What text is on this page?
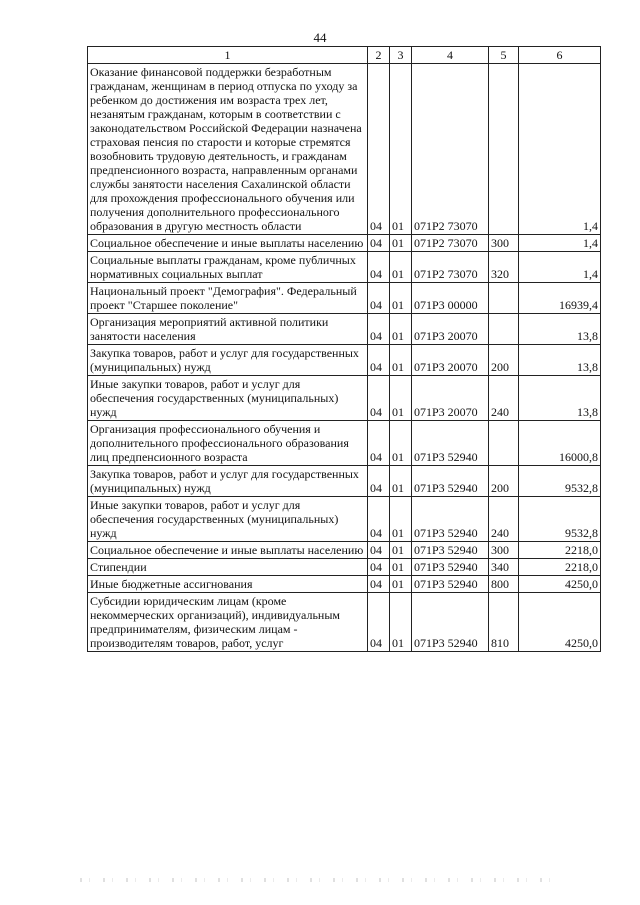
44
1	2	3	4	5	6
Оказание финансовой поддержки безработным гражданам, женщинам в период отпуска по уходу за ребенком до достижения им возраста трех лет, незанятым гражданам, которым в соответствии с законодательством Российской Федерации назначена страховая пенсия по старости и которые стремятся возобновить трудовую деятельность, и гражданам предпенсионного возраста, направленным органами службы занятости населения Сахалинской области для прохождения профессионального обучения или получения дополнительного профессионального образования в другую местность области	04	01	071P2 73070		1,4
Социальное обеспечение и иные выплаты населению	04	01	071P2 73070	300	1,4
Социальные выплаты гражданам, кроме публичных нормативных социальных выплат	04	01	071P2 73070	320	1,4
Национальный проект "Демография". Федеральный проект "Старшее поколение"	04	01	071P3 00000		16939,4
Организация мероприятий активной политики занятости населения	04	01	071P3 20070		13,8
Закупка товаров, работ и услуг для государственных (муниципальных) нужд	04	01	071P3 20070	200	13,8
Иные закупки товаров, работ и услуг для обеспечения государственных (муниципальных) нужд	04	01	071P3 20070	240	13,8
Организация профессионального обучения и дополнительного профессионального образования лиц предпенсионного возраста	04	01	071P3 52940		16000,8
Закупка товаров, работ и услуг для государственных (муниципальных) нужд	04	01	071P3 52940	200	9532,8
Иные закупки товаров, работ и услуг для обеспечения государственных (муниципальных) нужд	04	01	071P3 52940	240	9532,8
Социальное обеспечение и иные выплаты населению	04	01	071P3 52940	300	2218,0
Стипендии	04	01	071P3 52940	340	2218,0
Иные бюджетные ассигнования	04	01	071P3 52940	800	4250,0
Субсидии юридическим лицам (кроме некоммерческих организаций), индивидуальным предпринимателям, физическим лицам - производителям товаров, работ, услуг	04	01	071P3 52940	810	4250,0
